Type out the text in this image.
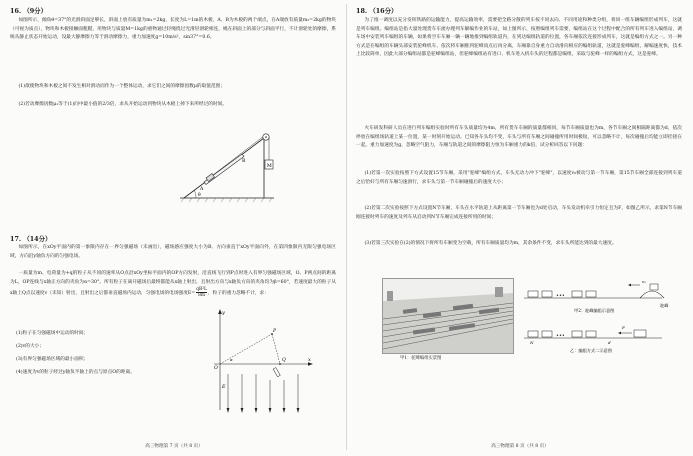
16. （9分）
如图所示，倾角θ=37°的光滑斜面足够长，斜面上放有质量为m₁=2kg、长度为L=1m的木板，A、B为木板的两个端点，在A端放有质量m₂=2kg的物块（可视为质点），物块和木板接触面粗糙，用物块与质量M=1kg的重物通过轻绳绕过光滑轻滑轮相连，绳在斜面上的部分与斜面平行，不计滑轮处的摩擦，系统从静止状态开始运动，设最大静摩擦力等于滑动摩擦力，重力加速度g=10m/s²，sin37°=0.6。
(1)欲使物块和木板之间不发生相对滑动而作为一个整体运动，求它们之间的摩擦因数μ的取值范围；
(2)若动摩擦因数μ₁等于(1)问中最小值的2/3倍，求从开始运动到物块从木板上掉下来所经过的时间。
M
A
B
θ
17. （14分）
如图所示，在xOy平面内的第一象限内存在一界匀强磁场（未画出），磁场感应强度大小为B、方向垂直于xOy平面向外，在第四象限内无限匀强电场区域，方向沿y轴负方向的匀强电场。
一质量为m、电荷量为+q的粒子从不同的速率从O点沿xOy坐标平面内的OP方向发射，沿直线飞行到P点时进入有界匀强磁场区域，O、P两点间的距离为L，OP连线与x轴正方向的夹角为α=30°。所有粒子在离开磁场后最终都能从x轴上射出，且射出方向与x轴负方向的夹角均为β=60°，若速度最大的粒子从x轴上Q点以速度v（未知）射出，且射出之后都垂直磁场内运动，匀强电场的电场强度$E= \frac{\text{qB²L}}{8m}$ ，粒子的重力忽略不计，求：
(1)粒子在匀强磁场中运动的时间；
(2)v的大小；
(3)有界匀强磁场区域的最小面积；
(4)速度为v的粒子经过y轴负半轴上的点与原点O的距离。
y
x
O
P
α	Q
E
高三物理第 7 页（共 8 页）
18. （16分）
为了推一调度以充分发挥铁路的运输能力，提高运输效率，需要把全路分散的列车按不同去向、不同用途和种类分组，将同一组车辆编组形成列车，这就是列车编组。编组站是指大量处理货车车流办理列车解编作业的车站，如上图所示，按照编组列车需要，编组站在这个过程中配合的所有列车进入编组站，调车场中安装列车编组的车辆，如果将空车车厢一辆一辆地推到编组轨道内，在到达编组轨道的位置，各车厢依次连接形成列车，这就是编组方式之一。另一种方式是在编组的车辆头部安装驼峰机车，依次将车厢推到驼峰顶点后再分离，车厢靠自身重力自动滑向相应的编组轨道，这就是驼峰编组，解编速度快，技术上比较简单，因此大部分编组站都是驼峰编组站，但驼峰编组站有进口、机车进入机车头的过程都是编组，采取与驼峰一样的编组方式，这是驼峰。
火车研发科研人员在进行列车编组实验时所有车头质量均为4m，所有货车车厢的质量都相同，每节车厢质量也为m，各节车厢之间相隔距离都为d，依次停放在编组场轨道上某一位置，某一时刻开始运动。已知各车头均不变，车头与所有车厢之间碰撞所用时间极短，可以忽略不计，每次碰撞后均能立即挂接在一起，重力加速度为g，忽略空气阻力，车厢与轨道之间的摩擦阻力恒为车厢重力的k倍，试分析回答以下问题：
(1)若第一次实验按照下方式设置15节车厢，采用"驼峰"编组方式，车头无动力冲下"驼峰"，以速度v₀被动与第一节车厢，第15节车厢全部连接到列车道之后恰好与所有车厢匀速滑行，求车头与第一节车厢碰撞后的速度大小；
(2)若第二次实验按照下方式设置N节车厢，车头在水平轨道上从距离第一节车厢也为d处启动，车头发动机牵引力恒定且为F，如图乙所示，求第N节车厢刚连接时列车的速度及列车从启动到N节车厢完成连接所用的时间；
(3)若第三次实验在(2)的情况下将所有车厢变为空载，所有车厢质量均为m，其余条件不变，求车头所能达到的最大速度。
甲1：驼峰编组实景图
驼峰
•••
v₀
甲2：驼峰编组示意图
•••
F
d
N
乙：编组方式二示意图
高三物理第 8 页（共 8 页）
